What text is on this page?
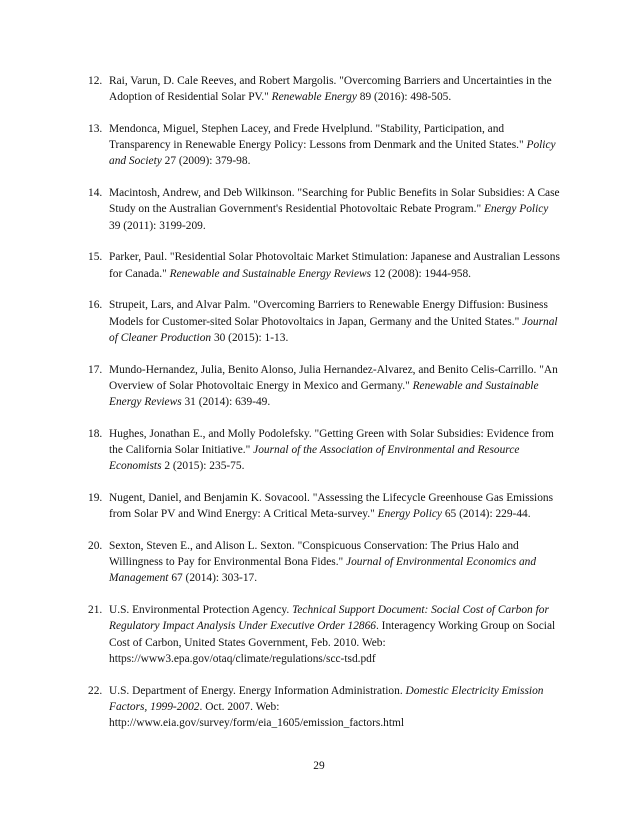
12. Rai, Varun, D. Cale Reeves, and Robert Margolis. "Overcoming Barriers and Uncertainties in the Adoption of Residential Solar PV." Renewable Energy 89 (2016): 498-505.
13. Mendonca, Miguel, Stephen Lacey, and Frede Hvelplund. "Stability, Participation, and Transparency in Renewable Energy Policy: Lessons from Denmark and the United States." Policy and Society 27 (2009): 379-98.
14. Macintosh, Andrew, and Deb Wilkinson. "Searching for Public Benefits in Solar Subsidies: A Case Study on the Australian Government's Residential Photovoltaic Rebate Program." Energy Policy 39 (2011): 3199-209.
15. Parker, Paul. "Residential Solar Photovoltaic Market Stimulation: Japanese and Australian Lessons for Canada." Renewable and Sustainable Energy Reviews 12 (2008): 1944-958.
16. Strupeit, Lars, and Alvar Palm. "Overcoming Barriers to Renewable Energy Diffusion: Business Models for Customer-sited Solar Photovoltaics in Japan, Germany and the United States." Journal of Cleaner Production 30 (2015): 1-13.
17. Mundo-Hernandez, Julia, Benito Alonso, Julia Hernandez-Alvarez, and Benito Celis-Carrillo. "An Overview of Solar Photovoltaic Energy in Mexico and Germany." Renewable and Sustainable Energy Reviews 31 (2014): 639-49.
18. Hughes, Jonathan E., and Molly Podolefsky. "Getting Green with Solar Subsidies: Evidence from the California Solar Initiative." Journal of the Association of Environmental and Resource Economists 2 (2015): 235-75.
19. Nugent, Daniel, and Benjamin K. Sovacool. "Assessing the Lifecycle Greenhouse Gas Emissions from Solar PV and Wind Energy: A Critical Meta-survey." Energy Policy 65 (2014): 229-44.
20. Sexton, Steven E., and Alison L. Sexton. "Conspicuous Conservation: The Prius Halo and Willingness to Pay for Environmental Bona Fides." Journal of Environmental Economics and Management 67 (2014): 303-17.
21. U.S. Environmental Protection Agency. Technical Support Document: Social Cost of Carbon for Regulatory Impact Analysis Under Executive Order 12866. Interagency Working Group on Social Cost of Carbon, United States Government, Feb. 2010. Web: https://www3.epa.gov/otaq/climate/regulations/scc-tsd.pdf
22. U.S. Department of Energy. Energy Information Administration. Domestic Electricity Emission Factors, 1999-2002. Oct. 2007. Web: http://www.eia.gov/survey/form/eia_1605/emission_factors.html
29
